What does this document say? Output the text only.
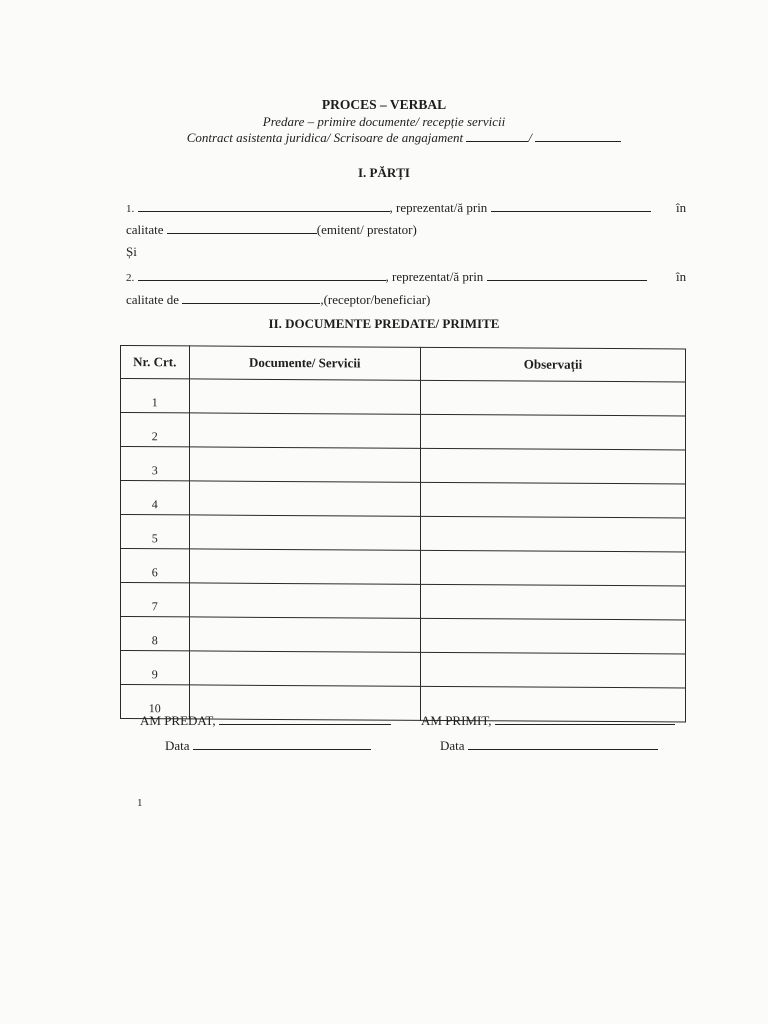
PROCES – VERBAL
Predare – primire documente/ recepție servicii
Contract asistenta juridica/ Scrisoare de angajament	/
I. PĂRȚI
1.	, reprezentat/ă prin	în
calitate	(emitent/ prestator)
Și
2.	, reprezentat/ă prin	în
calitate de	,(receptor/beneficiar)
II. DOCUMENTE PREDATE/ PRIMITE
Nr. Crt.	Documente/ Servicii	Observații
1		
2		
3		
4		
5		
6		
7		
8		
9		
10		
AM PREDAT,	AM PRIMIT,
Data	Data
1
